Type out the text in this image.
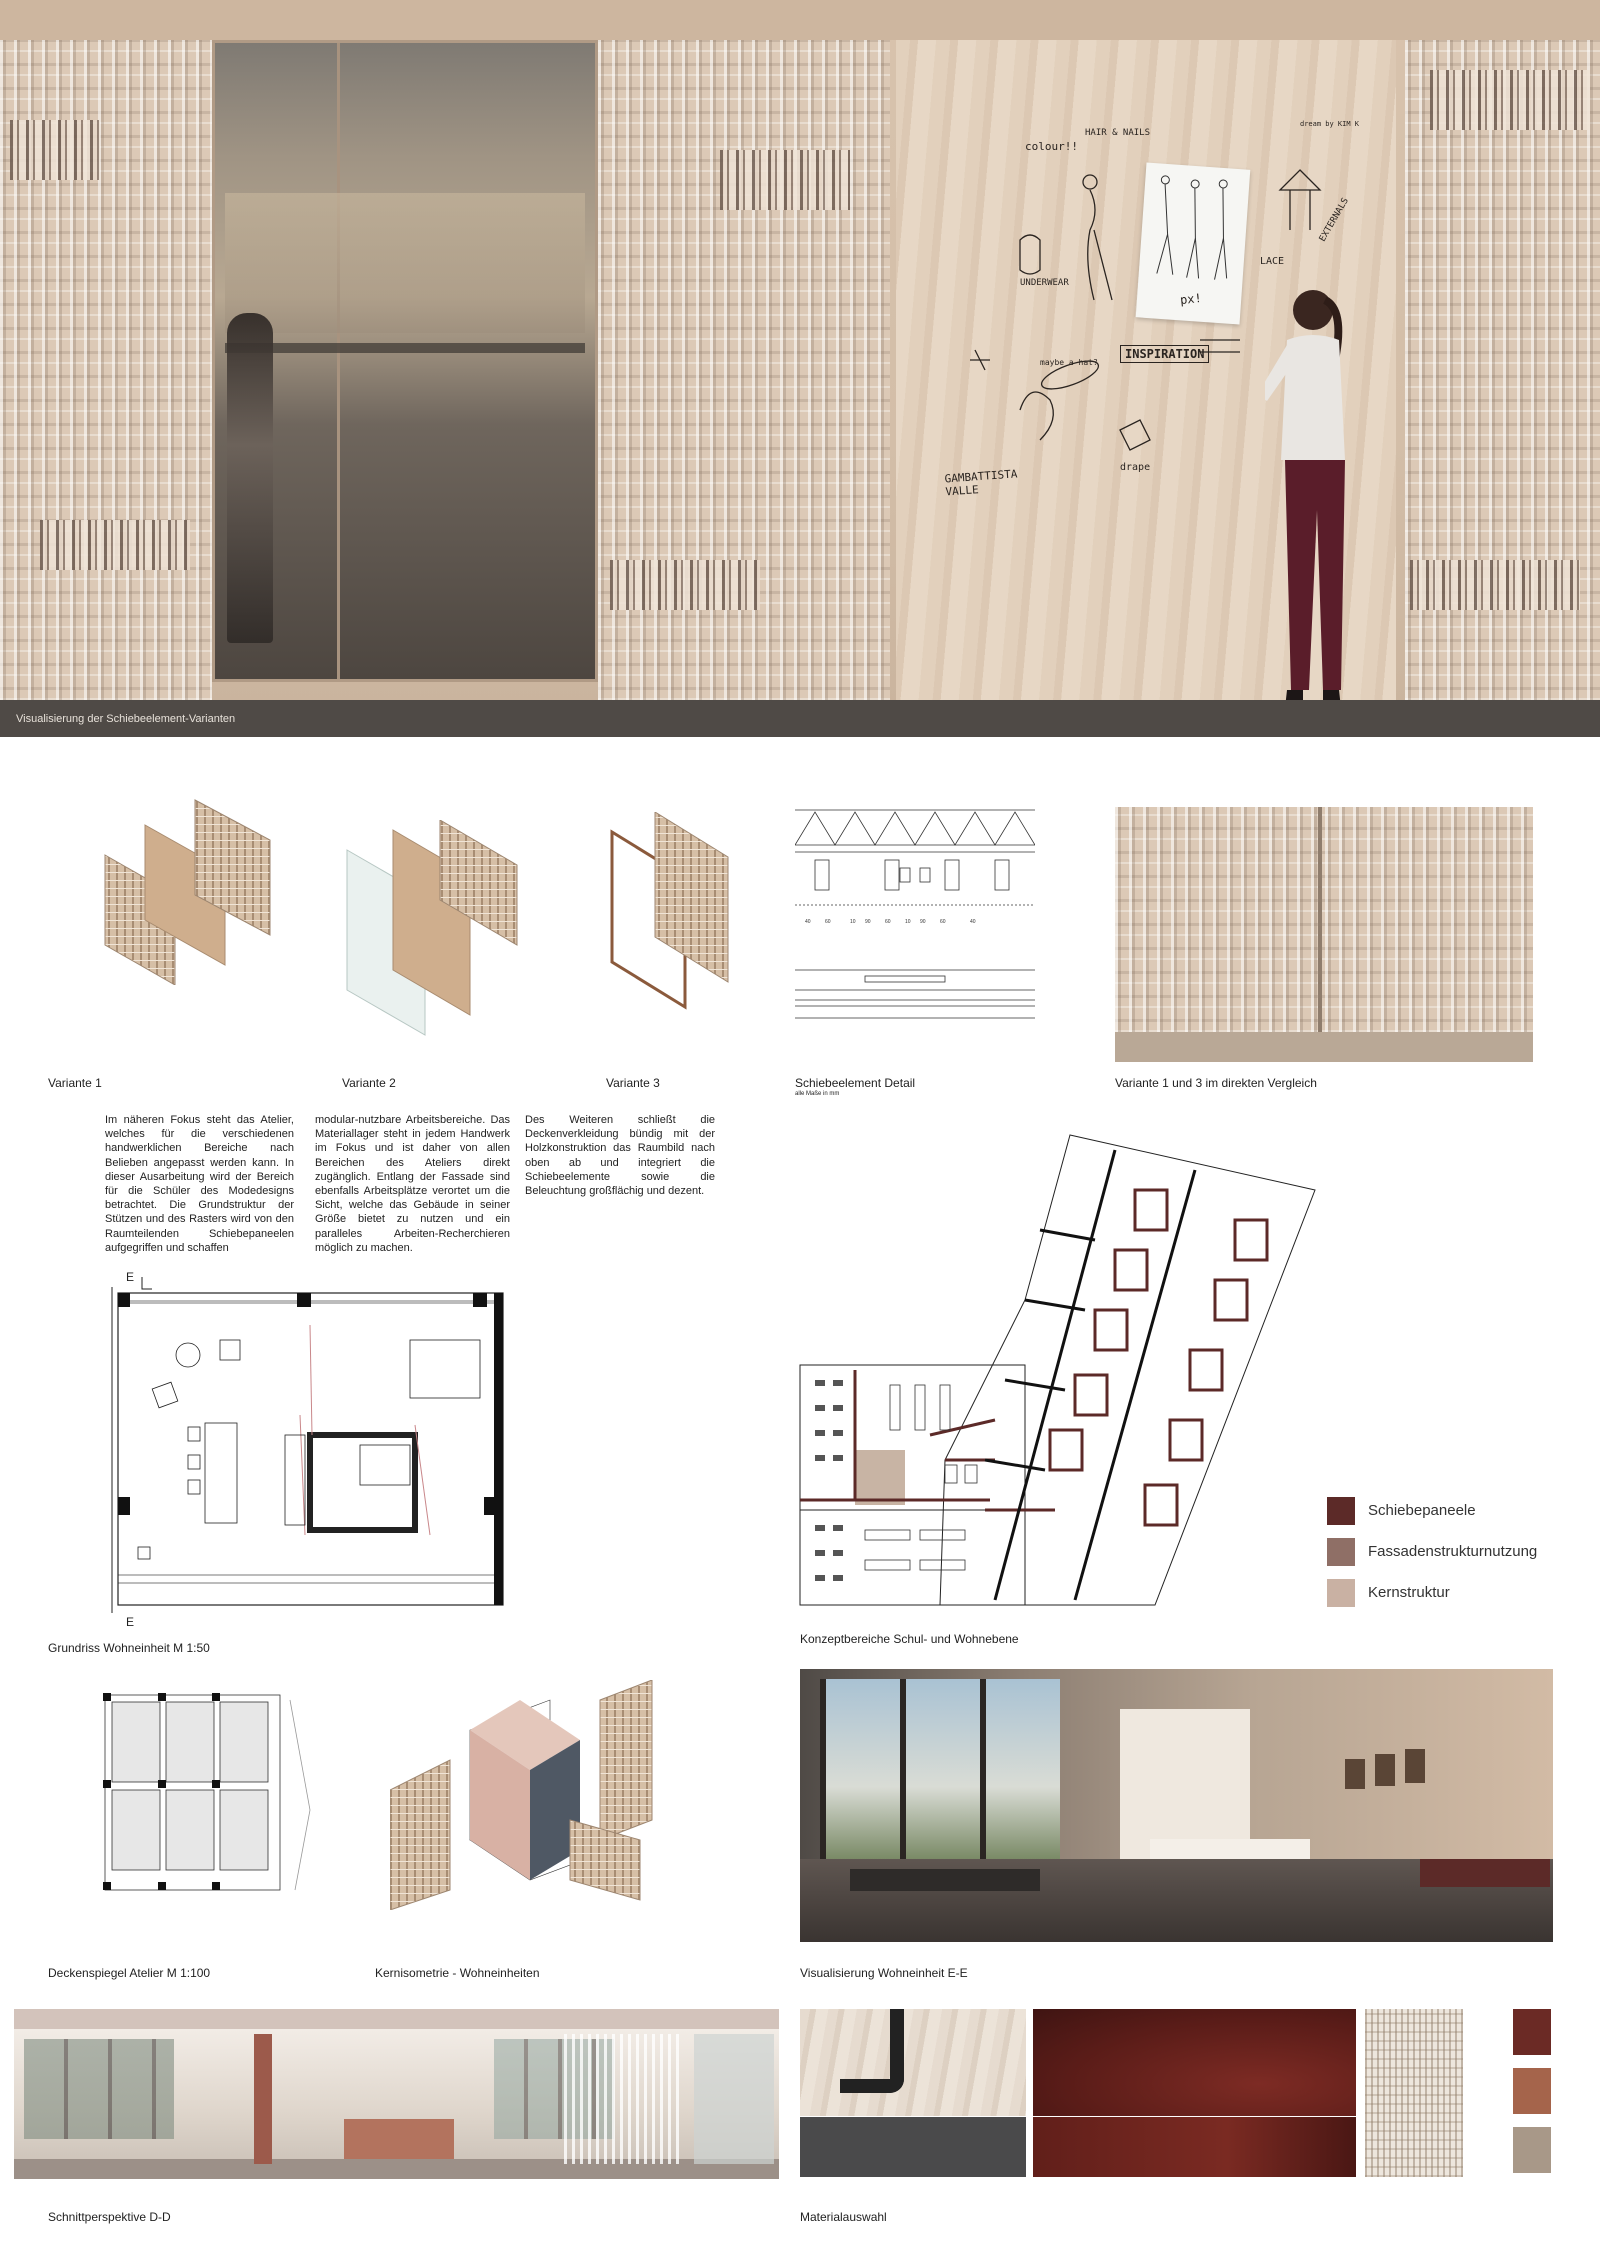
colour!!
HAIR & NAILS
px!
LACE
INSPIRATION
UNDERWEAR
GAMBATTISTA VALLE
drape
maybe a hat?
EXTERNALS
dream by KIM K
Visualisierung der Schiebeelement-Varianten
Variante 1	Variante 2	Variante 3
40	60	10 90	60	10 90	60	40
Schiebeelement Detail
alle Maße in mm
Variante 1 und 3 im direkten Vergleich
Im näheren Fokus steht das Atelier, welches für die verschiedenen handwerklichen Bereiche nach Belieben angepasst werden kann. In dieser Ausarbeitung wird der Bereich für die Schüler des Modedesigns betrachtet. Die Grundstruktur der Stützen und des Rasters wird von den Raumteilenden Schiebepaneelen aufgegriffen und schaffen
modular-nutzbare Arbeitsbereiche. Das Materiallager steht in jedem Handwerk im Fokus und ist daher von allen Bereichen des Ateliers direkt zugänglich. Entlang der Fassade sind ebenfalls Arbeitsplätze verortet um die Sicht, welche das Gebäude in seiner Größe bietet zu nutzen und ein paralleles Arbeiten-Recherchieren möglich zu machen.
Des Weiteren schließt die Deckenverkleidung bündig mit der Holzkonstruktion das Raumbild nach oben ab und integriert die Schiebeelemente sowie die Beleuchtung großflächig und dezent.
E
E
Grundriss Wohneinheit M 1:50
Konzeptbereiche Schul- und Wohnebene
Schiebepaneele
Fassadenstrukturnutzung
Kernstruktur
Deckenspiegel Atelier M 1:100	Kernisometrie - Wohneinheiten	Visualisierung Wohneinheit E-E
Schnittperspektive D-D	Materialauswahl
